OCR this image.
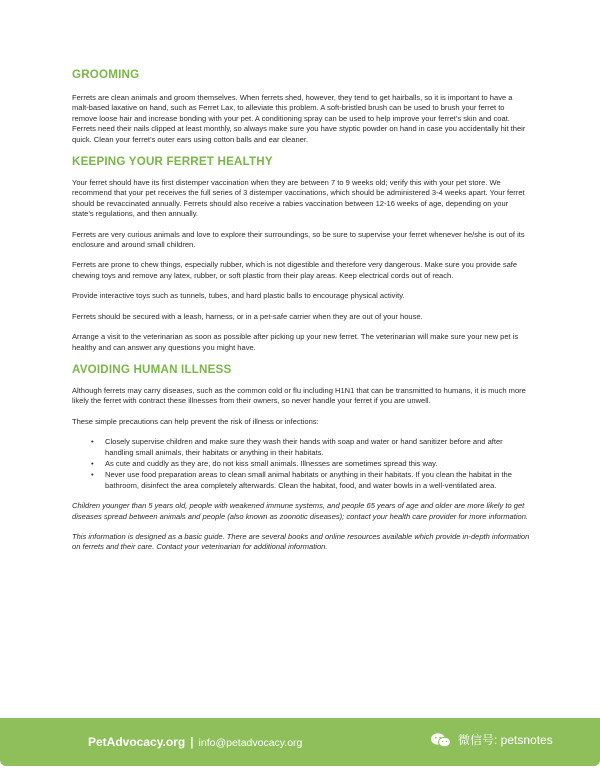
GROOMING

Ferrets are clean animals and groom themselves. When ferrets shed, however, they tend to get hairballs, so it is important to have a malt-based laxative on hand, such as Ferret Lax, to alleviate this problem. A soft-bristled brush can be used to brush your ferret to remove loose hair and increase bonding with your pet. A conditioning spray can be used to help improve your ferret’s skin and coat. Ferrets need their nails clipped at least monthly, so always make sure you have styptic powder on hand in case you accidentally hit their quick. Clean your ferret’s outer ears using cotton balls and ear cleaner.

KEEPING YOUR FERRET HEALTHY

Your ferret should have its first distemper vaccination when they are between 7 to 9 weeks old; verify this with your pet store. We recommend that your pet receives the full series of 3 distemper vaccinations, which should be administered 3-4 weeks apart. Your ferret should be revaccinated annually. Ferrets should also receive a rabies vaccination between 12-16 weeks of age, depending on your state’s regulations, and then annually.

Ferrets are very curious animals and love to explore their surroundings, so be sure to supervise your ferret whenever he/she is out of its enclosure and around small children.

Ferrets are prone to chew things, especially rubber, which is not digestible and therefore very dangerous. Make sure you provide safe chewing toys and remove any latex, rubber, or soft plastic from their play areas. Keep electrical cords out of reach.

Provide interactive toys such as tunnels, tubes, and hard plastic balls to encourage physical activity.

Ferrets should be secured with a leash, harness, or in a pet-safe carrier when they are out of your house.

Arrange a visit to the veterinarian as soon as possible after picking up your new ferret. The veterinarian will make sure your new pet is healthy and can answer any questions you might have.

AVOIDING HUMAN ILLNESS

Although ferrets may carry diseases, such as the common cold or flu including H1N1 that can be transmitted to humans, it is much more likely the ferret with contract these illnesses from their owners, so never handle your ferret if you are unwell.

These simple precautions can help prevent the risk of illness or infections:

• Closely supervise children and make sure they wash their hands with soap and water or hand sanitizer before and after handling small animals, their habitats or anything in their habitats.
• As cute and cuddly as they are, do not kiss small animals. Illnesses are sometimes spread this way.
• Never use food preparation areas to clean small animal habitats or anything in their habitats. If you clean the habitat in the bathroom, disinfect the area completely afterwards. Clean the habitat, food, and water bowls in a well-ventilated area.

Children younger than 5 years old, people with weakened immune systems, and people 65 years of age and older are more likely to get diseases spread between animals and people (also known as zoonotic diseases); contact your health care provider for more information.

This information is designed as a basic guide. There are several books and online resources available which provide in-depth information on ferrets and their care. Contact your veterinarian for additional information.

PetAdvocacy.org | info@petadvocacy.org	微信号: petsnotes
